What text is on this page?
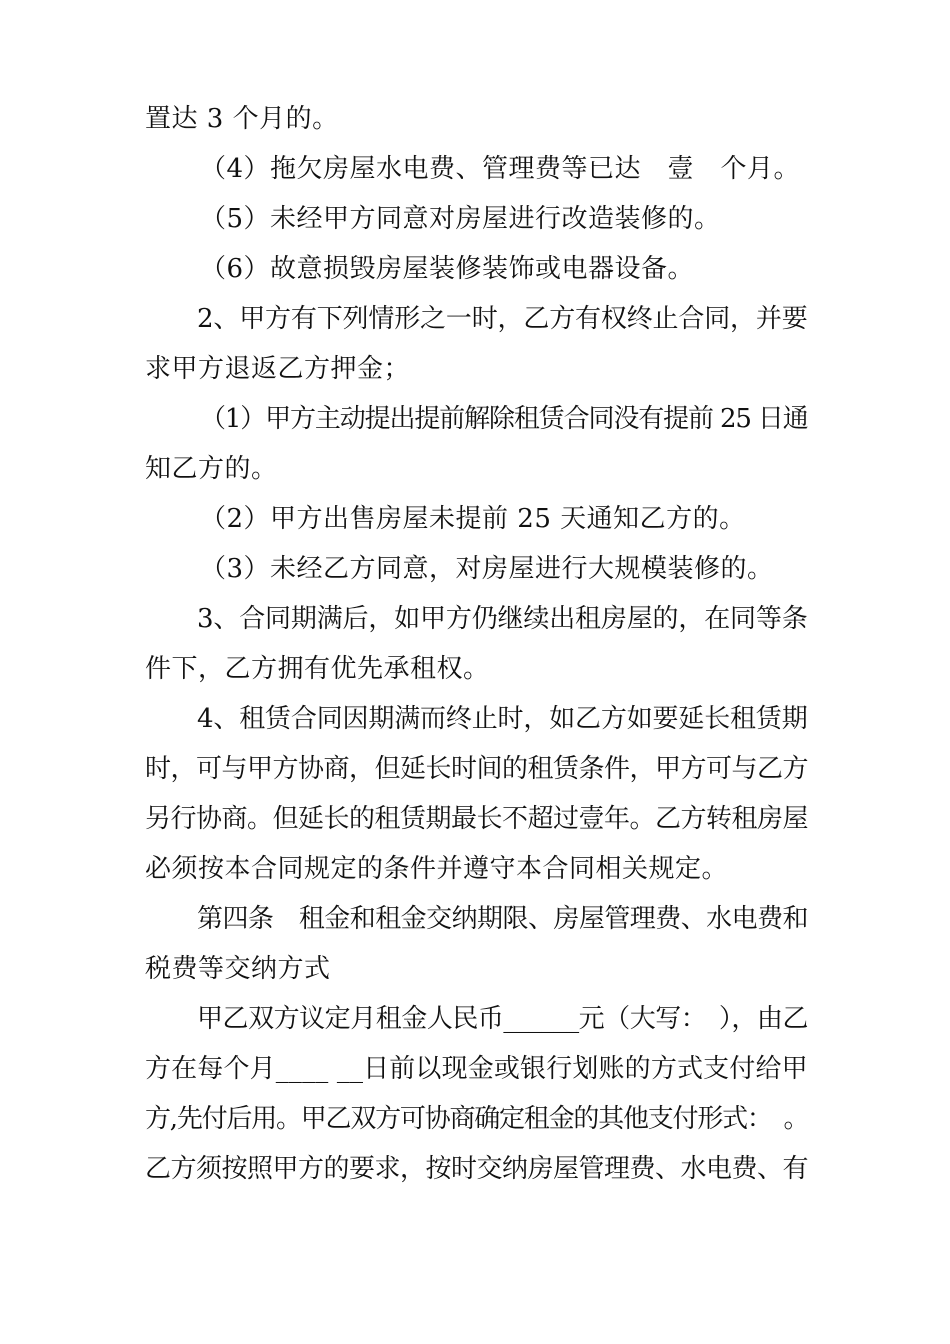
置达 3 个月的。
（4）拖欠房屋水电费、管理费等已达　壹　个月。
（5）未经甲方同意对房屋进行改造装修的。
（6）故意损毁房屋装修装饰或电器设备。
2、甲方有下列情形之一时，乙方有权终止合同，并要
求甲方退返乙方押金；
（1）甲方主动提出提前解除租赁合同没有提前 25 日通
知乙方的。
（2）甲方出售房屋未提前 25 天通知乙方的。
（3）未经乙方同意，对房屋进行大规模装修的。
3、合同期满后，如甲方仍继续出租房屋的，在同等条
件下，乙方拥有优先承租权。
4、租赁合同因期满而终止时，如乙方如要延长租赁期
时，可与甲方协商，但延长时间的租赁条件，甲方可与乙方
另行协商。但延长的租赁期最长不超过壹年。乙方转租房屋
必须按本合同规定的条件并遵守本合同相关规定。
第四条　租金和租金交纳期限、房屋管理费、水电费和
税费等交纳方式
甲乙双方议定月租金人民币______元（大写：　），由乙
方在每个月____ __日前以现金或银行划账的方式支付给甲
方,先付后用。甲乙双方可协商确定租金的其他支付形式：　。
乙方须按照甲方的要求，按时交纳房屋管理费、水电费、有
